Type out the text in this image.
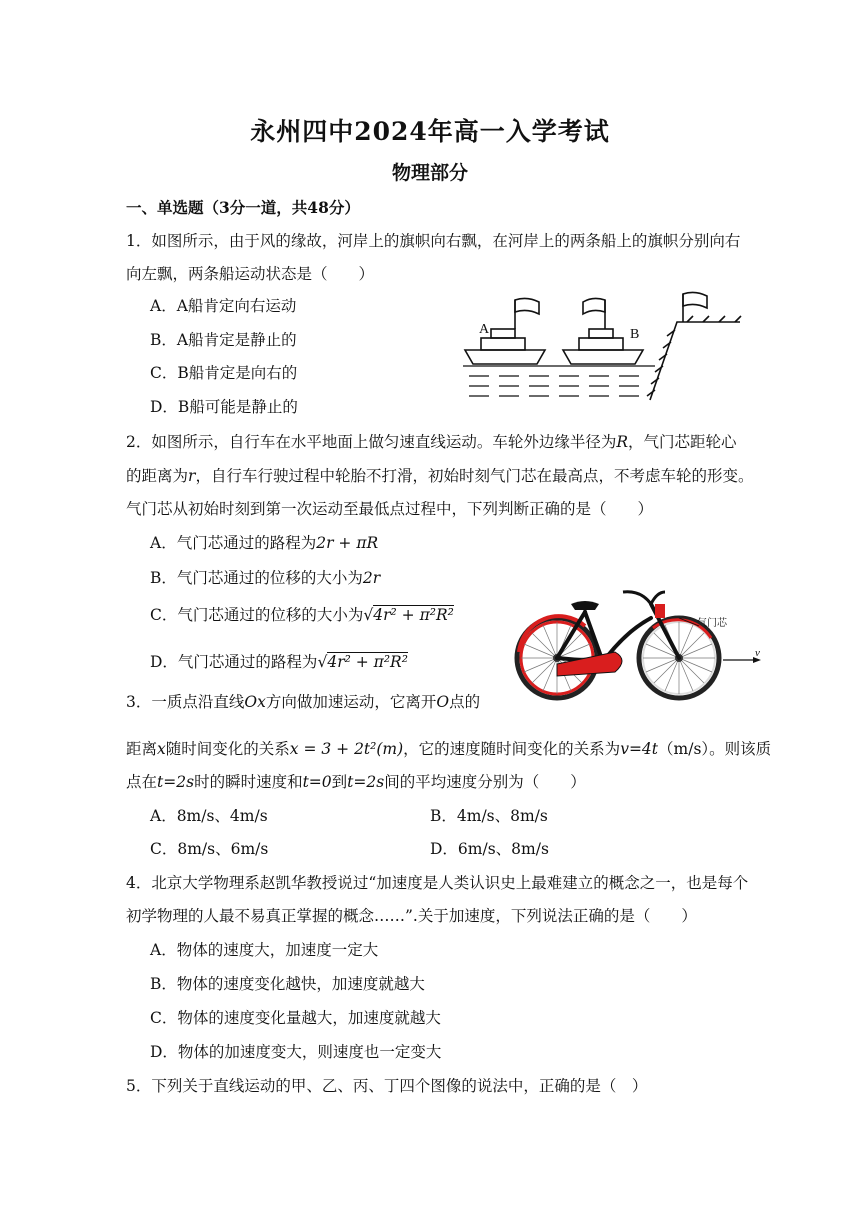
永州四中2024年高一入学考试
物理部分
一、单选题（3分一道，共48分）
1．如图所示，由于风的缘故，河岸上的旗帜向右飘，在河岸上的两条船上的旗帜分别向右
向左飘，两条船运动状态是（　　）
A．A船肯定向右运动
B．A船肯定是静止的
C．B船肯定是向右的
D．B船可能是静止的
A	B
2．如图所示，自行车在水平地面上做匀速直线运动。车轮外边缘半径为R，气门芯距轮心
的距离为r，自行车行驶过程中轮胎不打滑，初始时刻气门芯在最高点，不考虑车轮的形变。
气门芯从初始时刻到第一次运动至最低点过程中，下列判断正确的是（　　）
A．气门芯通过的路程为2r + πR
B．气门芯通过的位移的大小为2r
C．气门芯通过的位移的大小为√4r² + π²R²
D．气门芯通过的路程为√4r² + π²R²
气门芯
v
3．一质点沿直线Ox方向做加速运动，它离开O点的
距离x随时间变化的关系x = 3 + 2t²(m)，它的速度随时间变化的关系为v=4t（m/s）。则该质
点在t=2s时的瞬时速度和t=0到t=2s间的平均速度分别为（　　）
A．8m/s、4m/s	B．4m/s、8m/s
C．8m/s、6m/s	D．6m/s、8m/s
4．北京大学物理系赵凯华教授说过“加速度是人类认识史上最难建立的概念之一，也是每个
初学物理的人最不易真正掌握的概念……”.关于加速度，下列说法正确的是（　　）
A．物体的速度大，加速度一定大
B．物体的速度变化越快，加速度就越大
C．物体的速度变化量越大，加速度就越大
D．物体的加速度变大，则速度也一定变大
5．下列关于直线运动的甲、乙、丙、丁四个图像的说法中，正确的是（　）
